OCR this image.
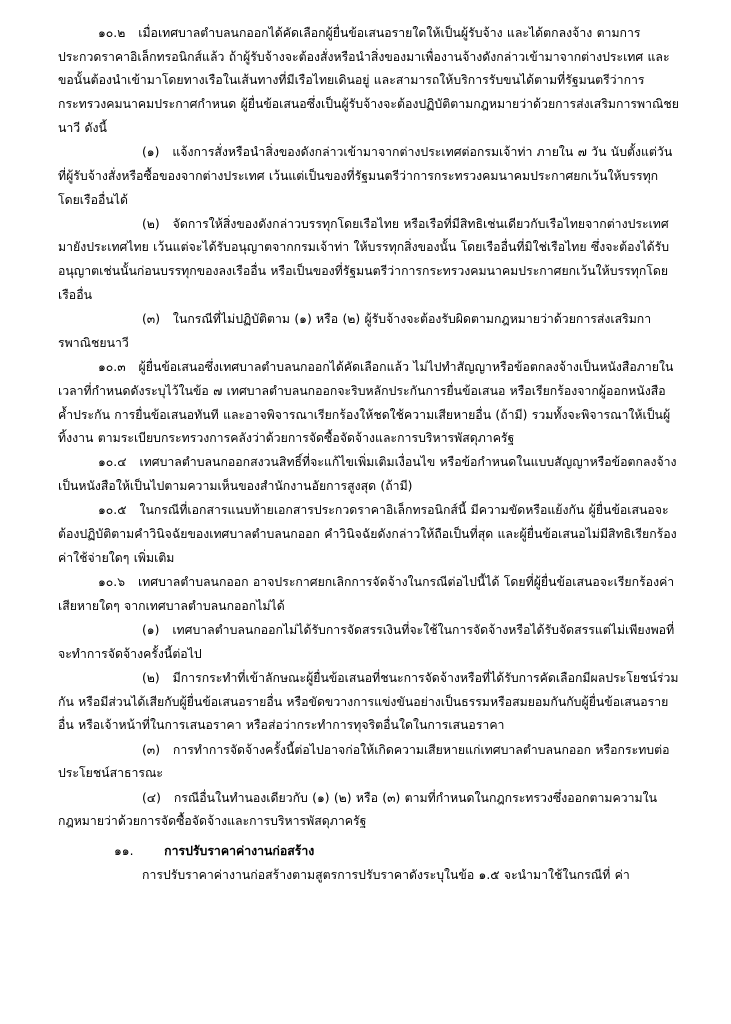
๑๐.๒   เมื่อเทศบาลตำบลนกออกได้คัดเลือกผู้ยื่นข้อเสนอรายใดให้เป็นผู้รับจ้าง และได้ตกลงจ้าง ตามการประกวดราคาอิเล็กทรอนิกส์แล้ว ถ้าผู้รับจ้างจะต้องสั่งหรือนำสิ่งของมาเพื่องานจ้างดังกล่าวเข้ามาจากต่างประเทศ และขอนั้นต้องนำเข้ามาโดยทางเรือในเส้นทางที่มีเรือไทยเดินอยู่ และสามารถให้บริการรับขนได้ตามที่รัฐมนตรีว่าการกระทรวงคมนาคมประกาศกำหนด ผู้ยื่นข้อเสนอซึ่งเป็นผู้รับจ้างจะต้องปฏิบัติตามกฎหมายว่าด้วยการส่งเสริมการพาณิชยนาวี ดังนี้

(๑)   แจ้งการสั่งหรือนำสิ่งของดังกล่าวเข้ามาจากต่างประเทศต่อกรมเจ้าท่า ภายใน ๗ วัน นับตั้งแต่วันที่ผู้รับจ้างสั่งหรือซื้อของจากต่างประเทศ เว้นแต่เป็นของที่รัฐมนตรีว่าการกระทรวงคมนาคมประกาศยกเว้นให้บรรทุกโดยเรืออื่นได้

(๒)   จัดการให้สิ่งของดังกล่าวบรรทุกโดยเรือไทย หรือเรือที่มีสิทธิเช่นเดียวกับเรือไทยจากต่างประเทศมายังประเทศไทย เว้นแต่จะได้รับอนุญาตจากกรมเจ้าท่า ให้บรรทุกสิ่งของนั้น โดยเรืออื่นที่มิใช่เรือไทย ซึ่งจะต้องได้รับอนุญาตเช่นนั้นก่อนบรรทุกของลงเรืออื่น หรือเป็นของที่รัฐมนตรีว่าการกระทรวงคมนาคมประกาศยกเว้นให้บรรทุกโดยเรืออื่น

(๓)   ในกรณีที่ไม่ปฏิบัติตาม (๑) หรือ (๒) ผู้รับจ้างจะต้องรับผิดตามกฎหมายว่าด้วยการส่งเสริมการพาณิชยนาวี

๑๐.๓   ผู้ยื่นข้อเสนอซึ่งเทศบาลตำบลนกออกได้คัดเลือกแล้ว ไม่ไปทำสัญญาหรือข้อตกลงจ้างเป็นหนังสือภายในเวลาที่กำหนดดังระบุไว้ในข้อ ๗ เทศบาลตำบลนกออกจะริบหลักประกันการยื่นข้อเสนอ หรือเรียกร้องจากผู้ออกหนังสือค้ำประกัน การยื่นข้อเสนอทันที และอาจพิจารณาเรียกร้องให้ชดใช้ความเสียหายอื่น (ถ้ามี) รวมทั้งจะพิจารณาให้เป็นผู้ทิ้งงาน ตามระเบียบกระทรวงการคลังว่าด้วยการจัดซื้อจัดจ้างและการบริหารพัสดุภาครัฐ

๑๐.๔   เทศบาลตำบลนกออกสงวนสิทธิ์ที่จะแก้ไขเพิ่มเติมเงื่อนไข หรือข้อกำหนดในแบบสัญญาหรือข้อตกลงจ้างเป็นหนังสือให้เป็นไปตามความเห็นของสำนักงานอัยการสูงสุด (ถ้ามี)

๑๐.๕   ในกรณีที่เอกสารแนบท้ายเอกสารประกวดราคาอิเล็กทรอนิกส์นี้ มีความขัดหรือแย้งกัน ผู้ยื่นข้อเสนอจะต้องปฏิบัติตามคำวินิจฉัยของเทศบาลตำบลนกออก คำวินิจฉัยดังกล่าวให้ถือเป็นที่สุด และผู้ยื่นข้อเสนอไม่มีสิทธิเรียกร้องค่าใช้จ่ายใดๆ เพิ่มเติม

๑๐.๖   เทศบาลตำบลนกออก อาจประกาศยกเลิกการจัดจ้างในกรณีต่อไปนี้ได้ โดยที่ผู้ยื่นข้อเสนอจะเรียกร้องค่าเสียหายใดๆ จากเทศบาลตำบลนกออกไม่ได้

(๑)   เทศบาลตำบลนกออกไม่ได้รับการจัดสรรเงินที่จะใช้ในการจัดจ้างหรือได้รับจัดสรรแต่ไม่เพียงพอที่จะทำการจัดจ้างครั้งนี้ต่อไป

(๒)   มีการกระทำที่เข้าลักษณะผู้ยื่นข้อเสนอที่ชนะการจัดจ้างหรือที่ได้รับการคัดเลือกมีผลประโยชน์ร่วมกัน หรือมีส่วนได้เสียกับผู้ยื่นข้อเสนอรายอื่น หรือขัดขวางการแข่งขันอย่างเป็นธรรมหรือสมยอมกันกับผู้ยื่นข้อเสนอรายอื่น หรือเจ้าหน้าที่ในการเสนอราคา หรือส่อว่ากระทำการทุจริตอื่นใดในการเสนอราคา

(๓)   การทำการจัดจ้างครั้งนี้ต่อไปอาจก่อให้เกิดความเสียหายแก่เทศบาลตำบลนกออก หรือกระทบต่อประโยชน์สาธารณะ

(๔)   กรณีอื่นในทำนองเดียวกับ (๑) (๒) หรือ (๓) ตามที่กำหนดในกฎกระทรวงซึ่งออกตามความในกฎหมายว่าด้วยการจัดซื้อจัดจ้างและการบริหารพัสดุภาครัฐ

๑๑. การปรับราคาค่างานก่อสร้าง

การปรับราคาค่างานก่อสร้างตามสูตรการปรับราคาดังระบุในข้อ ๑.๕ จะนำมาใช้ในกรณีที่ ค่า
